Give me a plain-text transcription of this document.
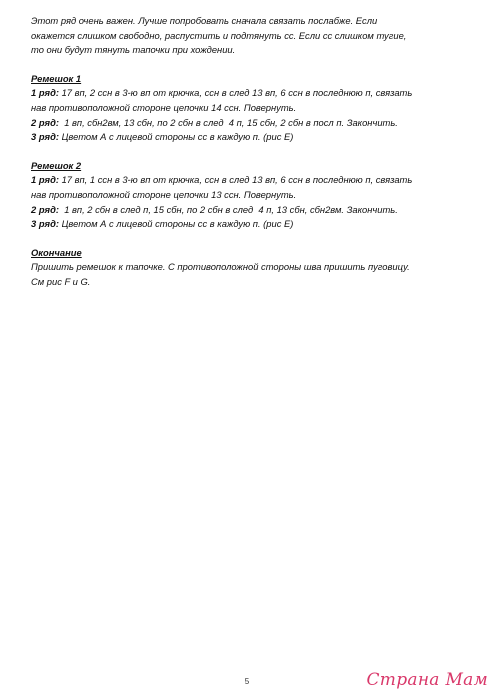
Этот ряд очень важен. Лучше попробовать сначала связать послабже. Если

окажется слишком свободно, распустить и подтянуть сс. Если сс слишком тугие,

то они будут тянуть тапочки при хождении.

Ремешок 1

1 ряд: 17 вп, 2 ссн в 3-ю вп от крючка, ссн в след 13 вп, 6 ссн в последнюю п, связать

нав противоположной стороне цепочки 14 ссн. Повернуть.

2 ряд:  1 вп, сбн2вм, 13 сбн, по 2 сбн в след  4 п, 15 сбн, 2 сбн в посл п. Закончить.

3 ряд: Цветом А с лицевой стороны сс в каждую п. (рис Е)

Ремешок 2

1 ряд: 17 вп, 1 ссн в 3-ю вп от крючка, ссн в след 13 вп, 6 ссн в последнюю п, связать

нав противоположной стороне цепочки 13 ссн. Повернуть.

2 ряд:  1 вп, 2 сбн в след п, 15 сбн, по 2 сбн в след  4 п, 13 сбн, сбн2вм. Закончить.

3 ряд: Цветом А с лицевой стороны сс в каждую п. (рис Е)

Окончание

Пришить ремешок к тапочке. С противоположной стороны шва пришить пуговицу.

См рис F и G.

5	Страна Мам
